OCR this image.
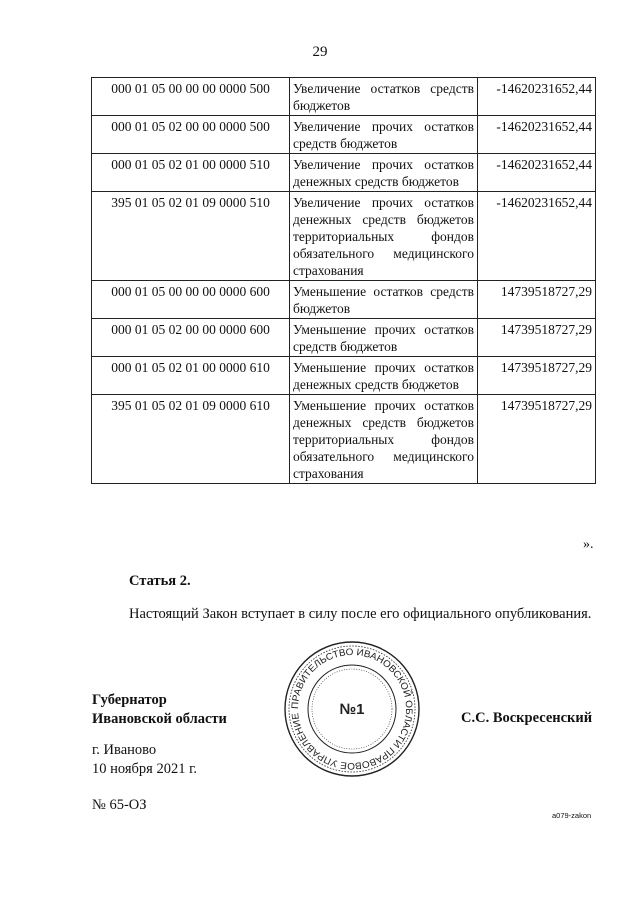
29
000 01 05 00 00 00 0000 500	Увеличение остатков средств бюджетов	-14620231652,44
000 01 05 02 00 00 0000 500	Увеличение прочих остатков средств бюджетов	-14620231652,44
000 01 05 02 01 00 0000 510	Увеличение прочих остатков денежных средств бюджетов	-14620231652,44
395 01 05 02 01 09 0000 510	Увеличение прочих остатков денежных средств бюджетов территориальных фондов обязательного медицинского страхования	-14620231652,44
000 01 05 00 00 00 0000 600	Уменьшение остатков средств бюджетов	14739518727,29
000 01 05 02 00 00 0000 600	Уменьшение прочих остатков средств бюджетов	14739518727,29
000 01 05 02 01 00 0000 610	Уменьшение прочих остатков денежных средств бюджетов	14739518727,29
395 01 05 02 01 09 0000 610	Уменьшение прочих остатков денежных средств бюджетов территориальных фондов обязательного медицинского страхования	14739518727,29
».
Статья 2.
Настоящий Закон вступает в силу после его официального опубликования.
Губернатор
Ивановской области	С.С. Воскресенский
ПРАВИТЕЛЬСТВО ИВАНОВСКОЙ ОБЛАСТИ ПРАВОВОЕ УПРАВЛЕНИЕ	№1
г. Иваново
10 ноября 2021 г.
№ 65-ОЗ
a079-zakon
